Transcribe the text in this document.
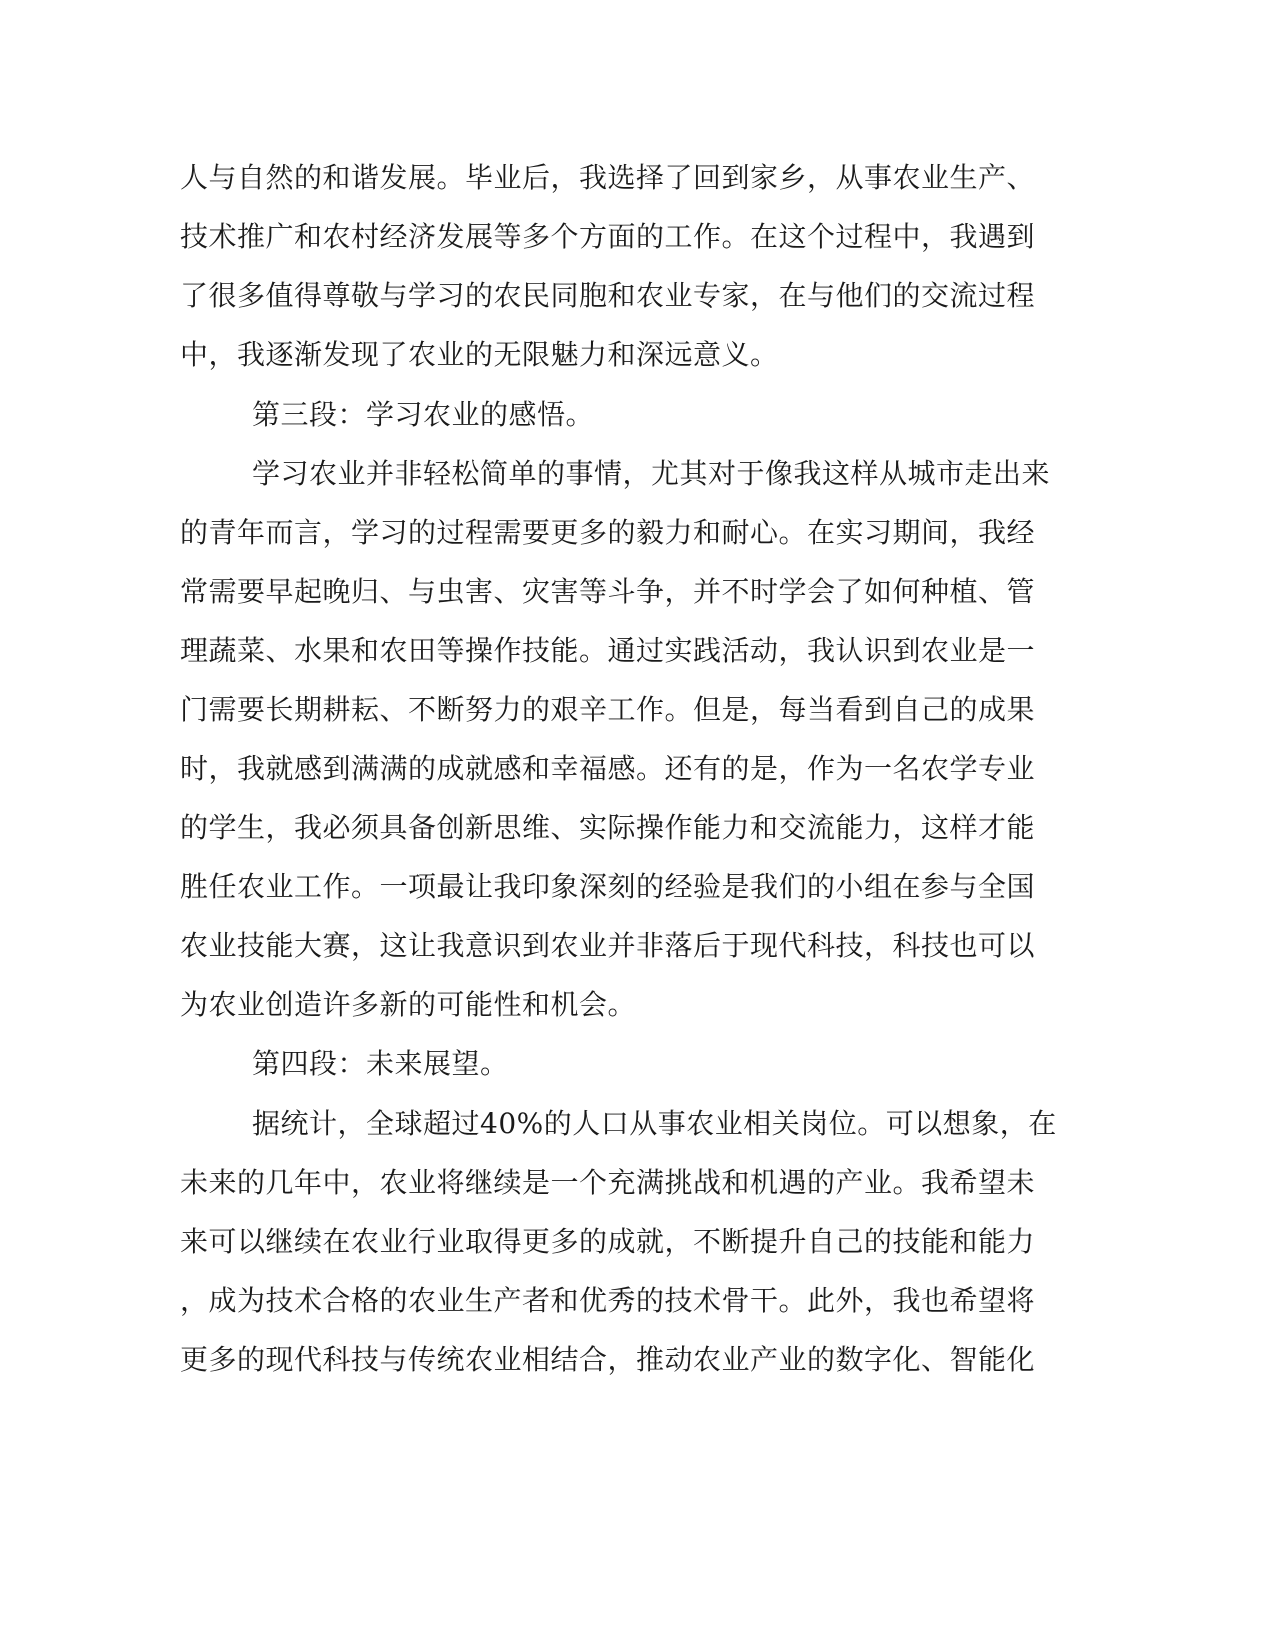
人与自然的和谐发展。毕业后，我选择了回到家乡，从事农业生产、
技术推广和农村经济发展等多个方面的工作。在这个过程中，我遇到
了很多值得尊敬与学习的农民同胞和农业专家，在与他们的交流过程
中，我逐渐发现了农业的无限魅力和深远意义。
第三段：学习农业的感悟。
学习农业并非轻松简单的事情，尤其对于像我这样从城市走出来
的青年而言，学习的过程需要更多的毅力和耐心。在实习期间，我经
常需要早起晚归、与虫害、灾害等斗争，并不时学会了如何种植、管
理蔬菜、水果和农田等操作技能。通过实践活动，我认识到农业是一
门需要长期耕耘、不断努力的艰辛工作。但是，每当看到自己的成果
时，我就感到满满的成就感和幸福感。还有的是，作为一名农学专业
的学生，我必须具备创新思维、实际操作能力和交流能力，这样才能
胜任农业工作。一项最让我印象深刻的经验是我们的小组在参与全国
农业技能大赛，这让我意识到农业并非落后于现代科技，科技也可以
为农业创造许多新的可能性和机会。
第四段：未来展望。
据统计，全球超过40%的人口从事农业相关岗位。可以想象，在
未来的几年中，农业将继续是一个充满挑战和机遇的产业。我希望未
来可以继续在农业行业取得更多的成就，不断提升自己的技能和能力
，成为技术合格的农业生产者和优秀的技术骨干。此外，我也希望将
更多的现代科技与传统农业相结合，推动农业产业的数字化、智能化
